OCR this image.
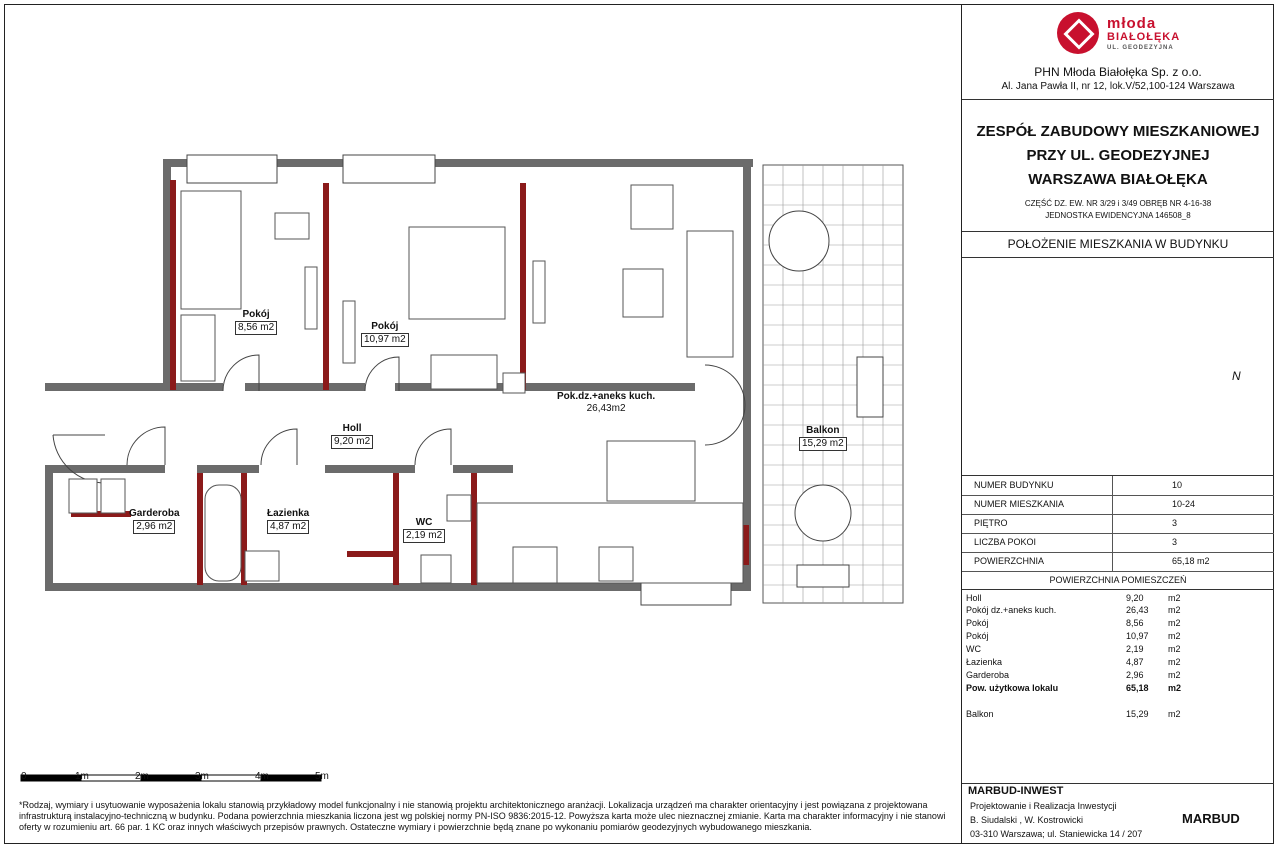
Pokój
8,56 m2	Pokój
10,97 m2
Pok.dz.+aneks kuch.
26,43m2
Holl
9,20 m2
Balkon
15,29 m2
Garderoba
2,96 m2
Łazienka
4,87 m2	WC
2,19 m2
0	1m	2m	3m	4m	5m
*Rodzaj, wymiary i usytuowanie wyposażenia lokalu stanowią przykładowy model funkcjonalny i nie stanowią projektu architektonicznego aranżacji. Lokalizacja urządzeń ma charakter orientacyjny i jest powiązana z projektowana infrastrukturą instalacyjno-techniczną w budynku. Podana powierzchnia mieszkania liczona jest wg polskiej normy PN-ISO 9836:2015-12. Powyższa karta może ulec nieznacznej zmianie. Karta ma charakter informacyjny i nie stanowi oferty w rozumieniu art. 66 par. 1 KC oraz innych właściwych przepisów prawnych. Ostateczne wymiary i powierzchnie będą znane po wykonaniu pomiarów geodezyjnych wybudowanego mieszkania.
młoda
BIAŁOŁĘKA
UL. GEODEZYJNA
PHN Młoda Białołęka Sp. z o.o.
Al. Jana Pawła II, nr 12, lok.V/52,100-124 Warszawa
ZESPÓŁ ZABUDOWY MIESZKANIOWEJ
PRZY UL. GEODEZYJNEJ
WARSZAWA BIAŁOŁĘKA
CZĘŚĆ DZ. EW. NR 3/29 i 3/49 OBRĘB NR 4-16-38
JEDNOSTKA EWIDENCYJNA 146508_8
POŁOŻENIE MIESZKANIA W BUDYNKU
N
NUMER BUDYNKU	10
NUMER MIESZKANIA	10-24
PIĘTRO	3
LICZBA POKOI	3
POWIERZCHNIA	65,18 m2
POWIERZCHNIA POMIESZCZEŃ
Holl	9,20	m2
Pokój dz.+aneks kuch.	26,43 m2
Pokój	8,56	m2
Pokój	10,97 m2
WC	2,19	m2
Łazienka	4,87	m2
Garderoba	2,96	m2
Pow. użytkowa lokalu	65,18 m2
Balkon	15,29 m2
MARBUD-INWEST
Projektowanie i Realizacja Inwestycji
B. Siudalski , W. Kostrowicki
03-310 Warszawa; ul. Staniewicka 14 / 207
MARBUD
